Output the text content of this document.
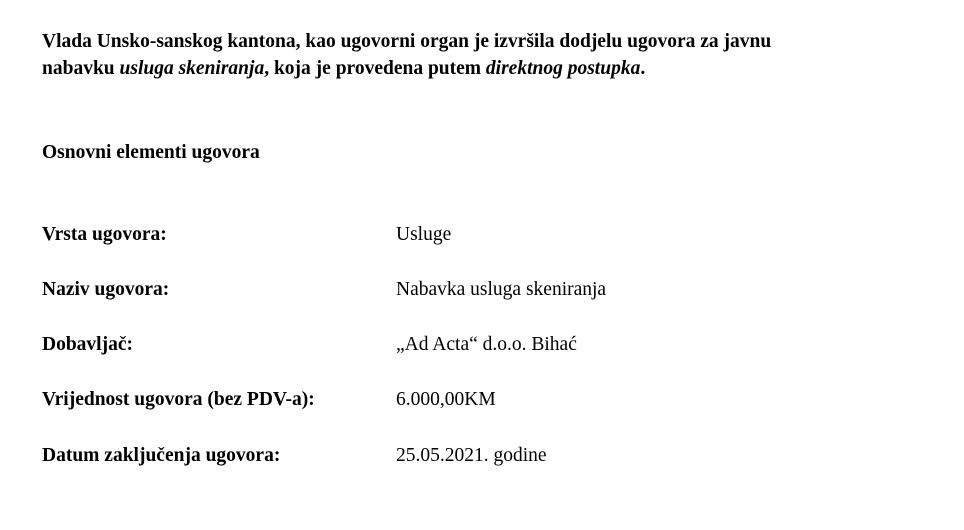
Vlada Unsko-sanskog kantona, kao ugovorni organ je izvršila dodjelu ugovora za javnu
nabavku usluga skeniranja, koja je provedena putem direktnog postupka.

Osnovni elementi ugovora

Vrsta ugovora:	Usluge
Naziv ugovora:	Nabavka usluga skeniranja
Dobavljač:	„Ad Acta“ d.o.o. Bihać
Vrijednost ugovora (bez PDV-a):	6.000,00KM
Datum zaključenja ugovora:	25.05.2021. godine
